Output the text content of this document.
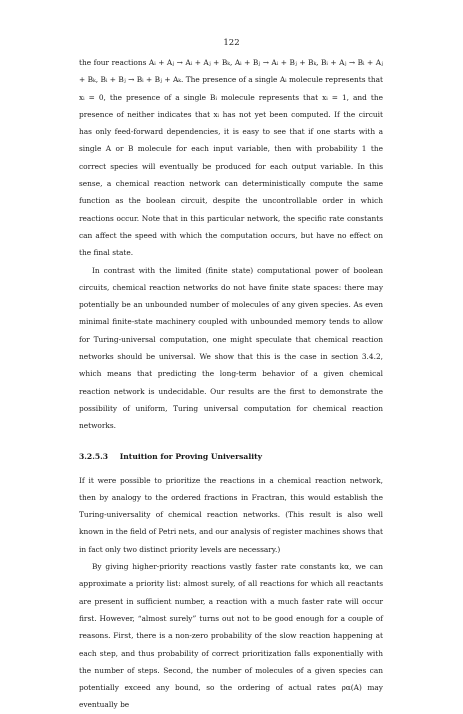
122

the four reactions Aᵢ + Aⱼ → Aᵢ + Aⱼ + Bₖ, Aᵢ + Bⱼ → Aᵢ + Bⱼ + Bₖ, Bᵢ + Aⱼ → Bᵢ + Aⱼ + Bₖ, Bᵢ + Bⱼ → Bᵢ + Bⱼ + Aₖ. The presence of a single Aᵢ molecule represents that xᵢ = 0, the presence of a single Bᵢ molecule represents that xᵢ = 1, and the presence of neither indicates that xᵢ has not yet been computed. If the circuit has only feed-forward dependencies, it is easy to see that if one starts with a single A or B molecule for each input variable, then with probability 1 the correct species will eventually be produced for each output variable. In this sense, a chemical reaction network can deterministically compute the same function as the boolean circuit, despite the uncontrollable order in which reactions occur. Note that in this particular network, the specific rate constants can affect the speed with which the computation occurs, but have no effect on the final state.

In contrast with the limited (finite state) computational power of boolean circuits, chemical reaction networks do not have finite state spaces: there may potentially be an unbounded number of molecules of any given species. As even minimal finite-state machinery coupled with unbounded memory tends to allow for Turing-universal computation, one might speculate that chemical reaction networks should be universal. We show that this is the case in section 3.4.2, which means that predicting the long-term behavior of a given chemical reaction network is undecidable. Our results are the first to demonstrate the possibility of uniform, Turing universal computation for chemical reaction networks.

3.2.5.3 Intuition for Proving Universality

If it were possible to prioritize the reactions in a chemical reaction network, then by analogy to the ordered fractions in Fractran, this would establish the Turing-universality of chemical reaction networks. (This result is also well known in the field of Petri nets, and our analysis of register machines shows that in fact only two distinct priority levels are necessary.)

By giving higher-priority reactions vastly faster rate constants kα, we can approximate a priority list: almost surely, of all reactions for which all reactants are present in sufficient number, a reaction with a much faster rate will occur first. However, “almost surely” turns out not to be good enough for a couple of reasons. First, there is a non-zero probability of the slow reaction happening at each step, and thus probability of correct prioritization falls exponentially with the number of steps. Second, the number of molecules of a given species can potentially exceed any bound, so the ordering of actual rates ρα(A) may eventually be
